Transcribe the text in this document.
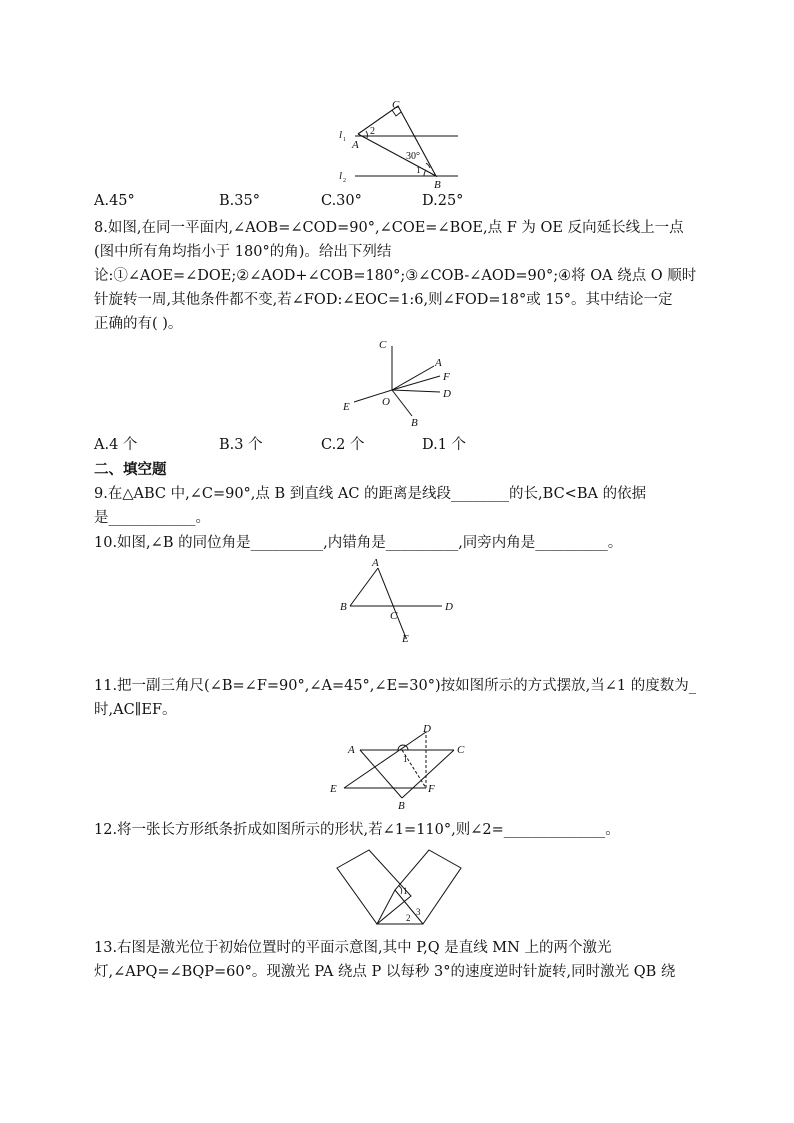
C
A
B
l 1
l 2
2
1
30°
A.45°	B.35°	C.30°	D.25°
8.如图,在同一平面内,∠AOB=∠COD=90°,∠COE=∠BOE,点 F 为 OE 反向延长线上一点
(图中所有角均指小于 180°的角)。给出下列结
论:①∠AOE=∠DOE;②∠AOD+∠COB=180°;③∠COB-∠AOD=90°;④将 OA 绕点 O 顺时
针旋转一周,其他条件都不变,若∠FOD:∠EOC=1:6,则∠FOD=18°或 15°。其中结论一定
正确的有( )。
C
A
F
D
E	O
B
A.4 个	B.3 个	C.2 个	D.1 个
二、填空题
9.在△ABC 中,∠C=90°,点 B 到直线 AC 的距离是线段________的长,BC<BA 的依据
是____________。
10.如图,∠B 的同位角是__________,内错角是__________,同旁内角是__________。
A
B
C
D
E
11.把一副三角尺(∠B=∠F=90°,∠A=45°,∠E=30°)按如图所示的方式摆放,当∠1 的度数为_
时,AC∥EF。
A	C
D
E	F
B
1
12.将一张长方形纸条折成如图所示的形状,若∠1=110°,则∠2=______________。
1
2
3
13.右图是激光位于初始位置时的平面示意图,其中 P,Q 是直线 MN 上的两个激光
灯,∠APQ=∠BQP=60°。现激光 PA 绕点 P 以每秒 3°的速度逆时针旋转,同时激光 QB 绕
